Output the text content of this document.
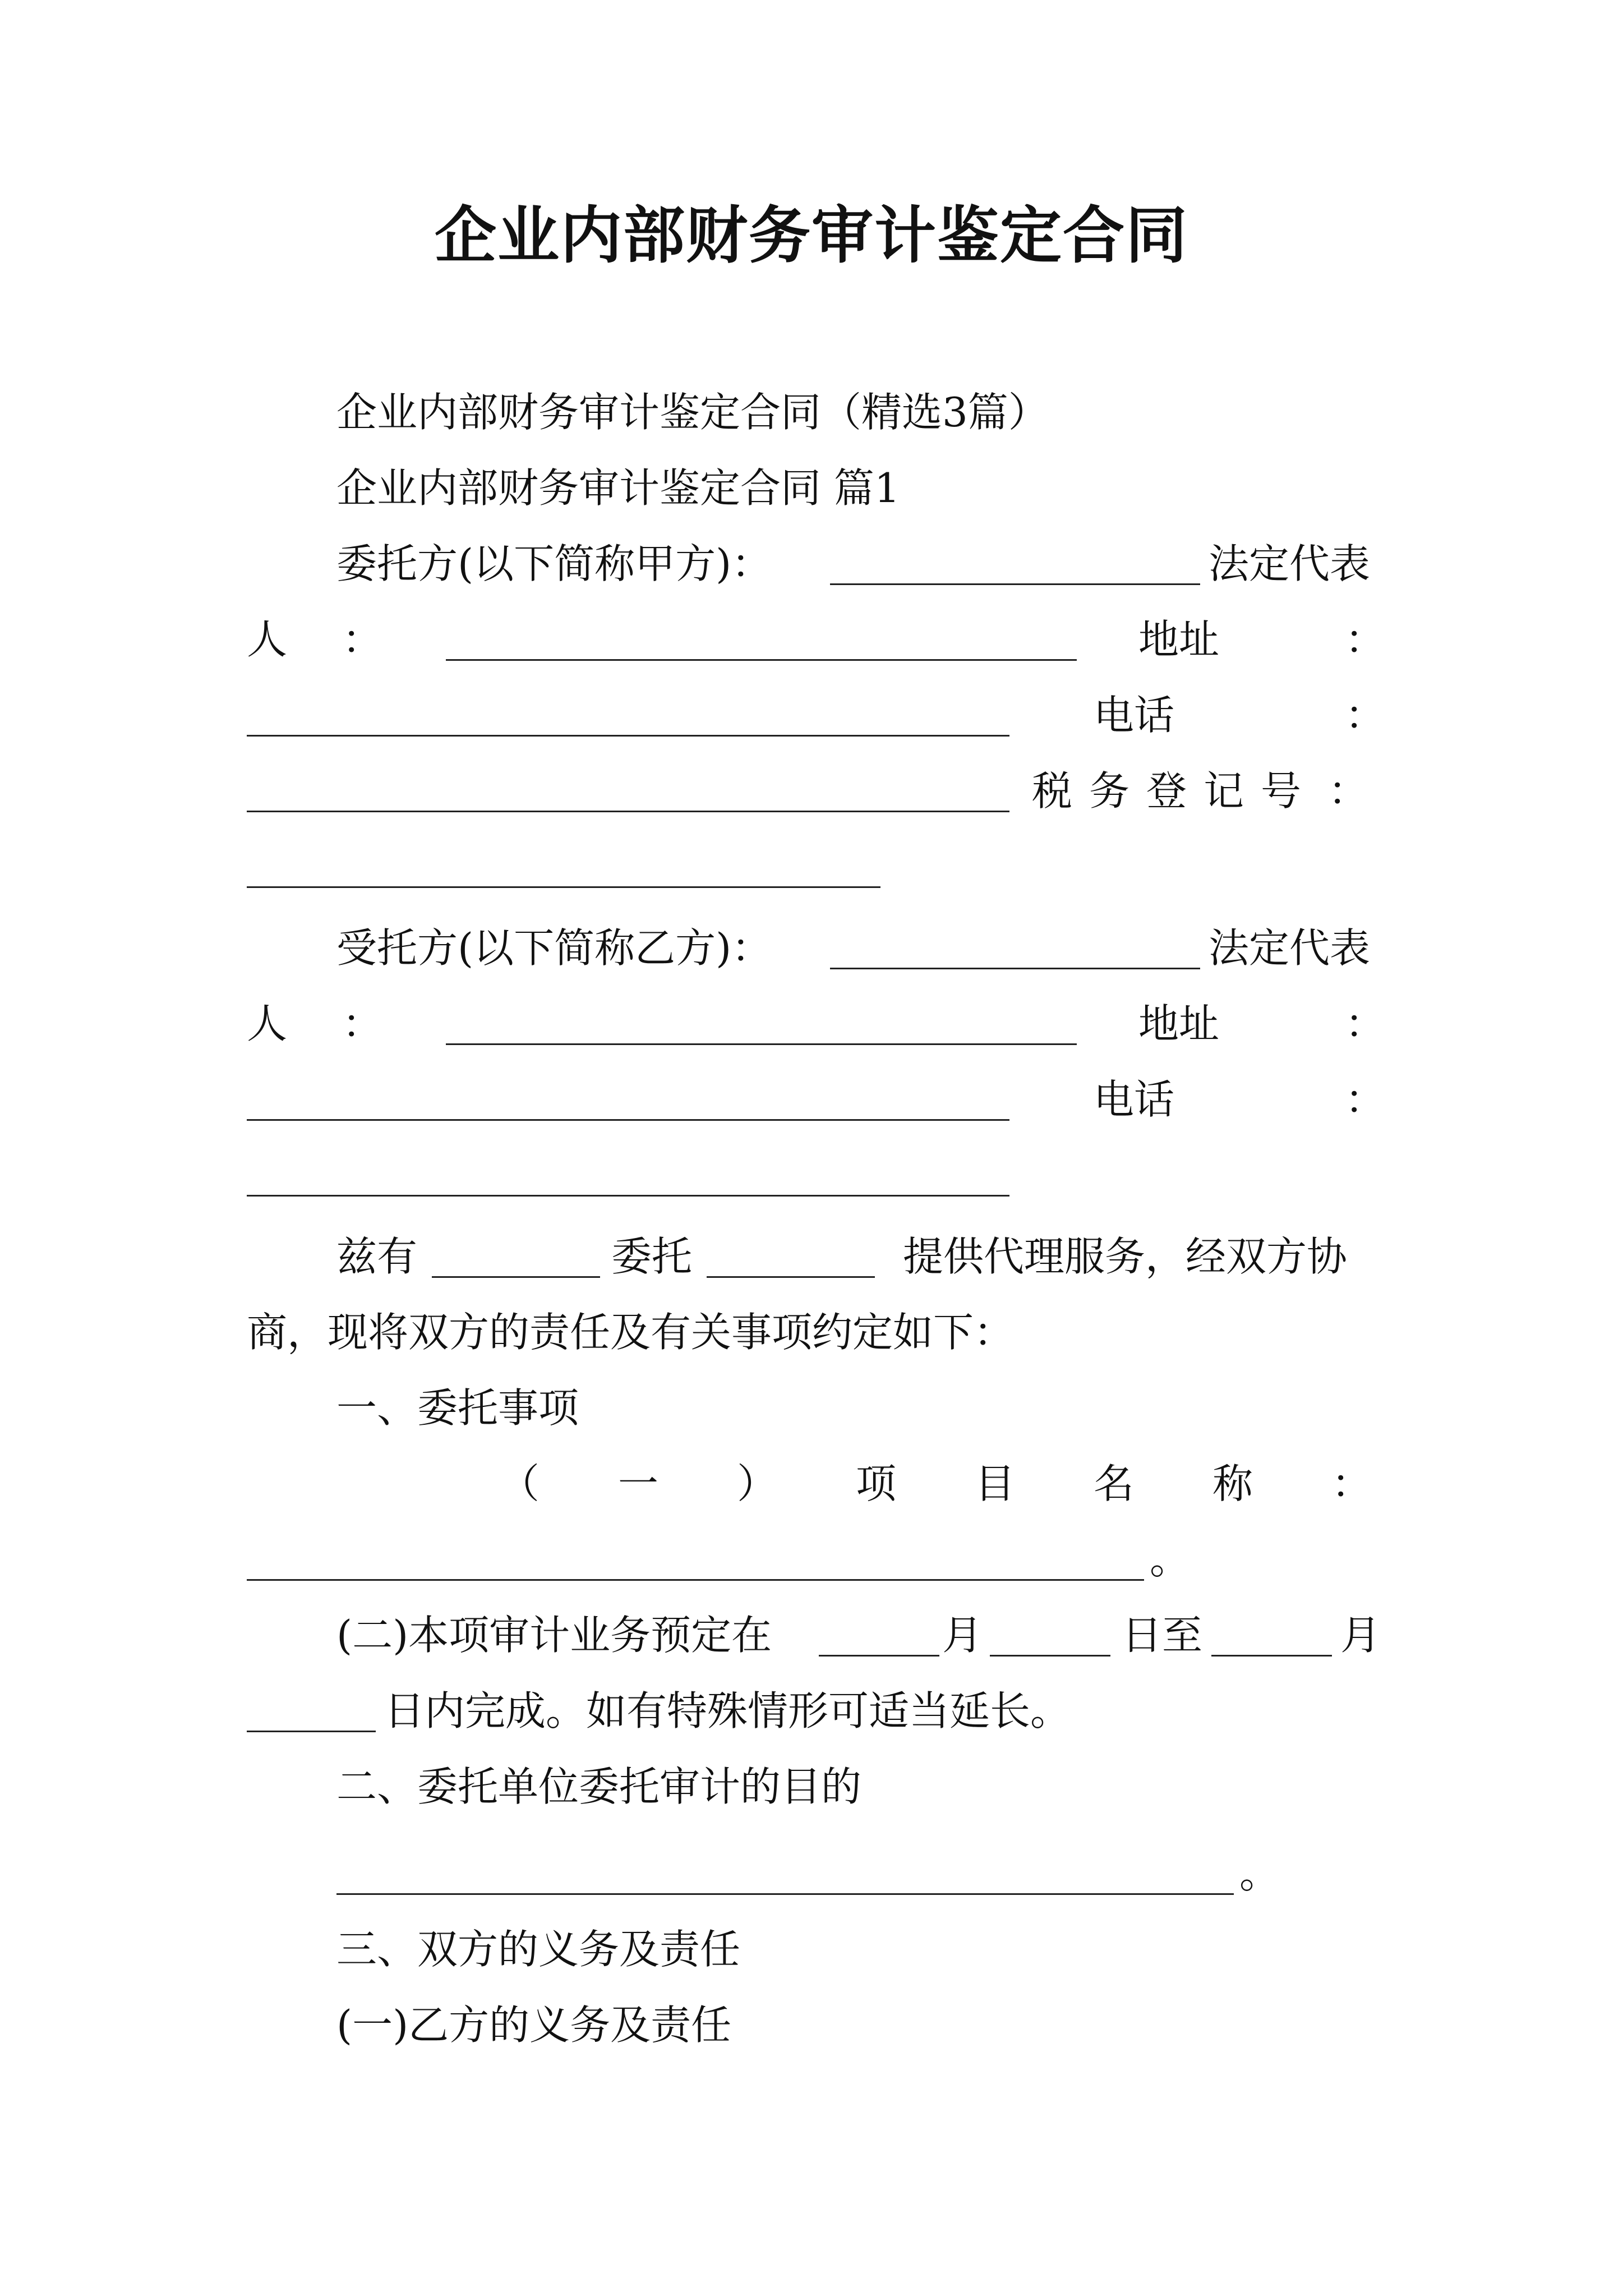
企业内部财务审计鉴定合同
企业内部财务审计鉴定合同（精选3篇）
企业内部财务审计鉴定合同 篇1
委托方(以下简称甲方)：	法定代表
人 ：	地址	：
电话	：
税务登记号 ：
受托方(以下简称乙方)：	法定代表
人 ：	地址	：
电话	：
兹有	委托	提供代理服务，经双方协
商，现将双方的责任及有关事项约定如下：
一、委托事项
（一）项目名称：
。
(二)本项审计业务预定在	月	日至	月
日内完成。如有特殊情形可适当延长。
二、委托单位委托审计的目的
。
三、双方的义务及责任
(一)乙方的义务及责任
